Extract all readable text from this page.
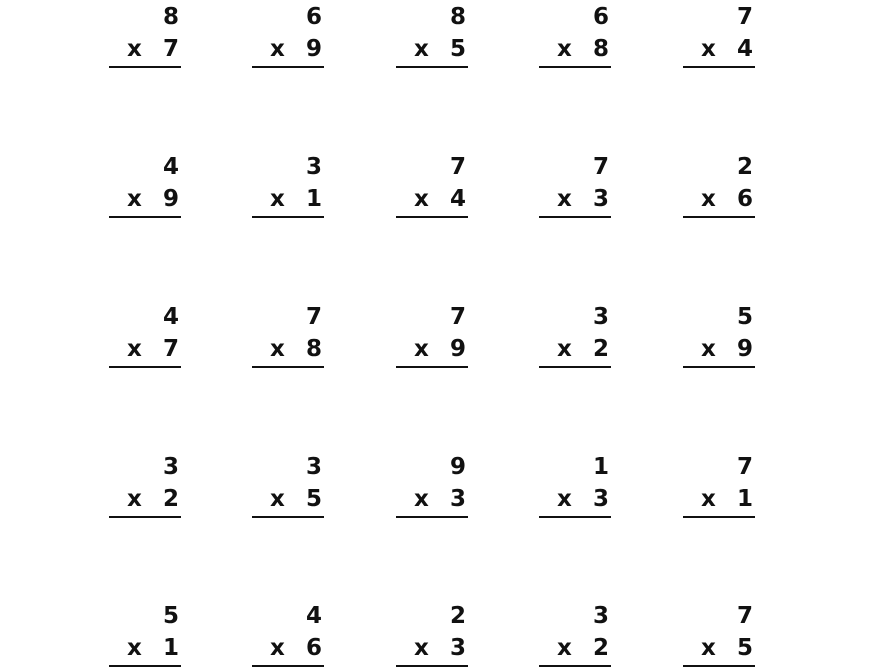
8
x 7
6
x 9
8
x 5
6
x 8
7
x 4
4
x 9
3
x 1
7
x 4
7
x 3
2
x 6
4
x 7
7
x 8
7
x 9
3
x 2
5
x 9
3
x 2
3
x 5
9
x 3
1
x 3
7
x 1
5
x 1
4
x 6
2
x 3
3
x 2
7
x 5
